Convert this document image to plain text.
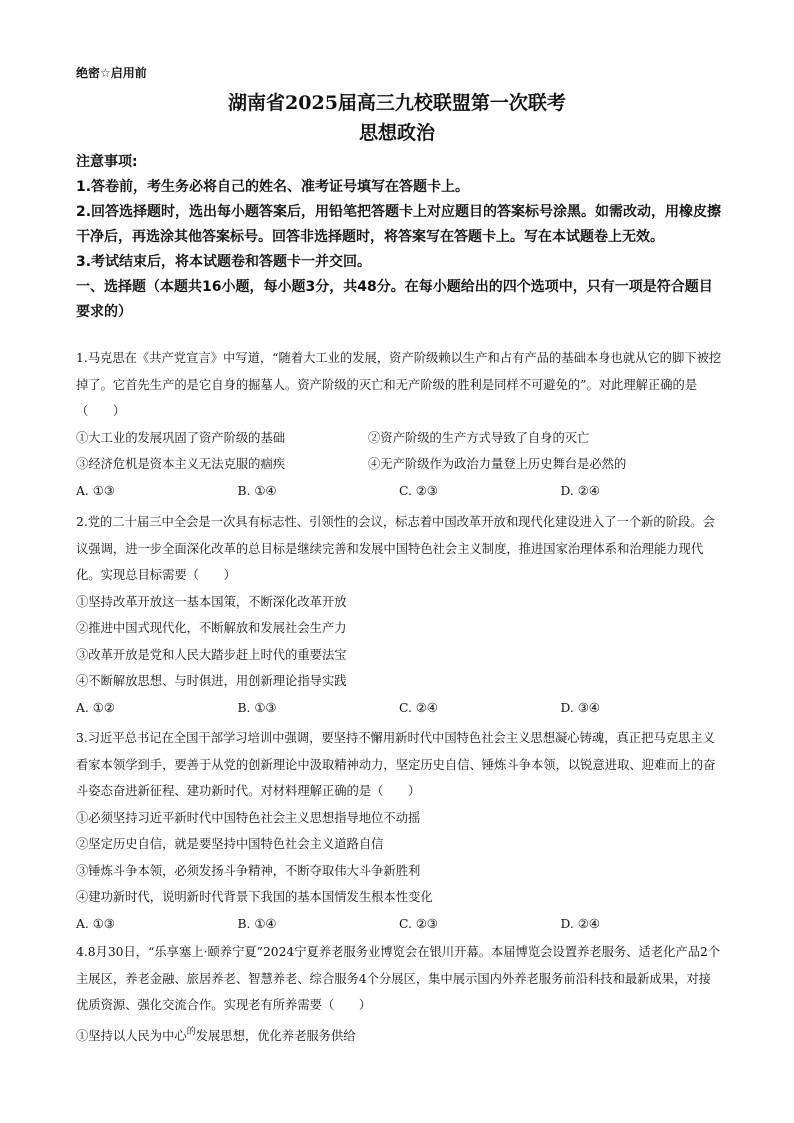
绝密☆启用前
湖南省2025届高三九校联盟第一次联考
思想政治

注意事项:

1.答卷前，考生务必将自己的姓名、准考证号填写在答题卡上。

2.回答选择题时，选出每小题答案后，用铅笔把答题卡上对应题目的答案标号涂黑。如需改动，用橡皮擦干净后，再选涂其他答案标号。回答非选择题时，将答案写在答题卡上。写在本试题卷上无效。

3.考试结束后，将本试题卷和答题卡一并交回。

一、选择题（本题共16小题，每小题3分，共48分。在每小题给出的四个选项中，只有一项是符合题目要求的）

1.马克思在《共产党宣言》中写道，“随着大工业的发展，资产阶级赖以生产和占有产品的基础本身也就从它的脚下被挖掉了。它首先生产的是它自身的掘墓人。资产阶级的灭亡和无产阶级的胜利是同样不可避免的”。对此理解正确的是（　　）

①大工业的发展巩固了资产阶级的基础	②资产阶级的生产方式导致了自身的灭亡
③经济危机是资本主义无法克服的痼疾	④无产阶级作为政治力量登上历史舞台是必然的
A. ①③	B. ①④	C. ②③	D. ②④

2.党的二十届三中全会是一次具有标志性、引领性的会议，标志着中国改革开放和现代化建设进入了一个新的阶段。会议强调，进一步全面深化改革的总目标是继续完善和发展中国特色社会主义制度，推进国家治理体系和治理能力现代化。实现总目标需要（　　）

①坚持改革开放这一基本国策，不断深化改革开放

②推进中国式现代化，不断解放和发展社会生产力

③改革开放是党和人民大踏步赶上时代的重要法宝

④不断解放思想、与时俱进，用创新理论指导实践

A. ①②	B. ①③	C. ②④	D. ③④

3.习近平总书记在全国干部学习培训中强调，要坚持不懈用新时代中国特色社会主义思想凝心铸魂，真正把马克思主义看家本领学到手，要善于从党的创新理论中汲取精神动力，坚定历史自信、锤炼斗争本领，以锐意进取、迎难而上的奋斗姿态奋进新征程、建功新时代。对材料理解正确的是（　　）

①必须坚持习近平新时代中国特色社会主义思想指导地位不动摇

②坚定历史自信，就是要坚持中国特色社会主义道路自信

③锤炼斗争本领，必须发扬斗争精神，不断夺取伟大斗争新胜利

④建功新时代，说明新时代背景下我国的基本国情发生根本性变化

A. ①③	B. ①④	C. ②③	D. ②④

4.8月30日，“乐享塞上·颐养宁夏”2024宁夏养老服务业博览会在银川开幕。本届博览会设置养老服务、适老化产品2个主展区，养老金融、旅居养老、智慧养老、综合服务4个分展区，集中展示国内外养老服务前沿科技和最新成果，对接优质资源、强化交流合作。实现老有所养需要（　　）

①坚持以人民为中心$^的$发展思想，优化养老服务供给
